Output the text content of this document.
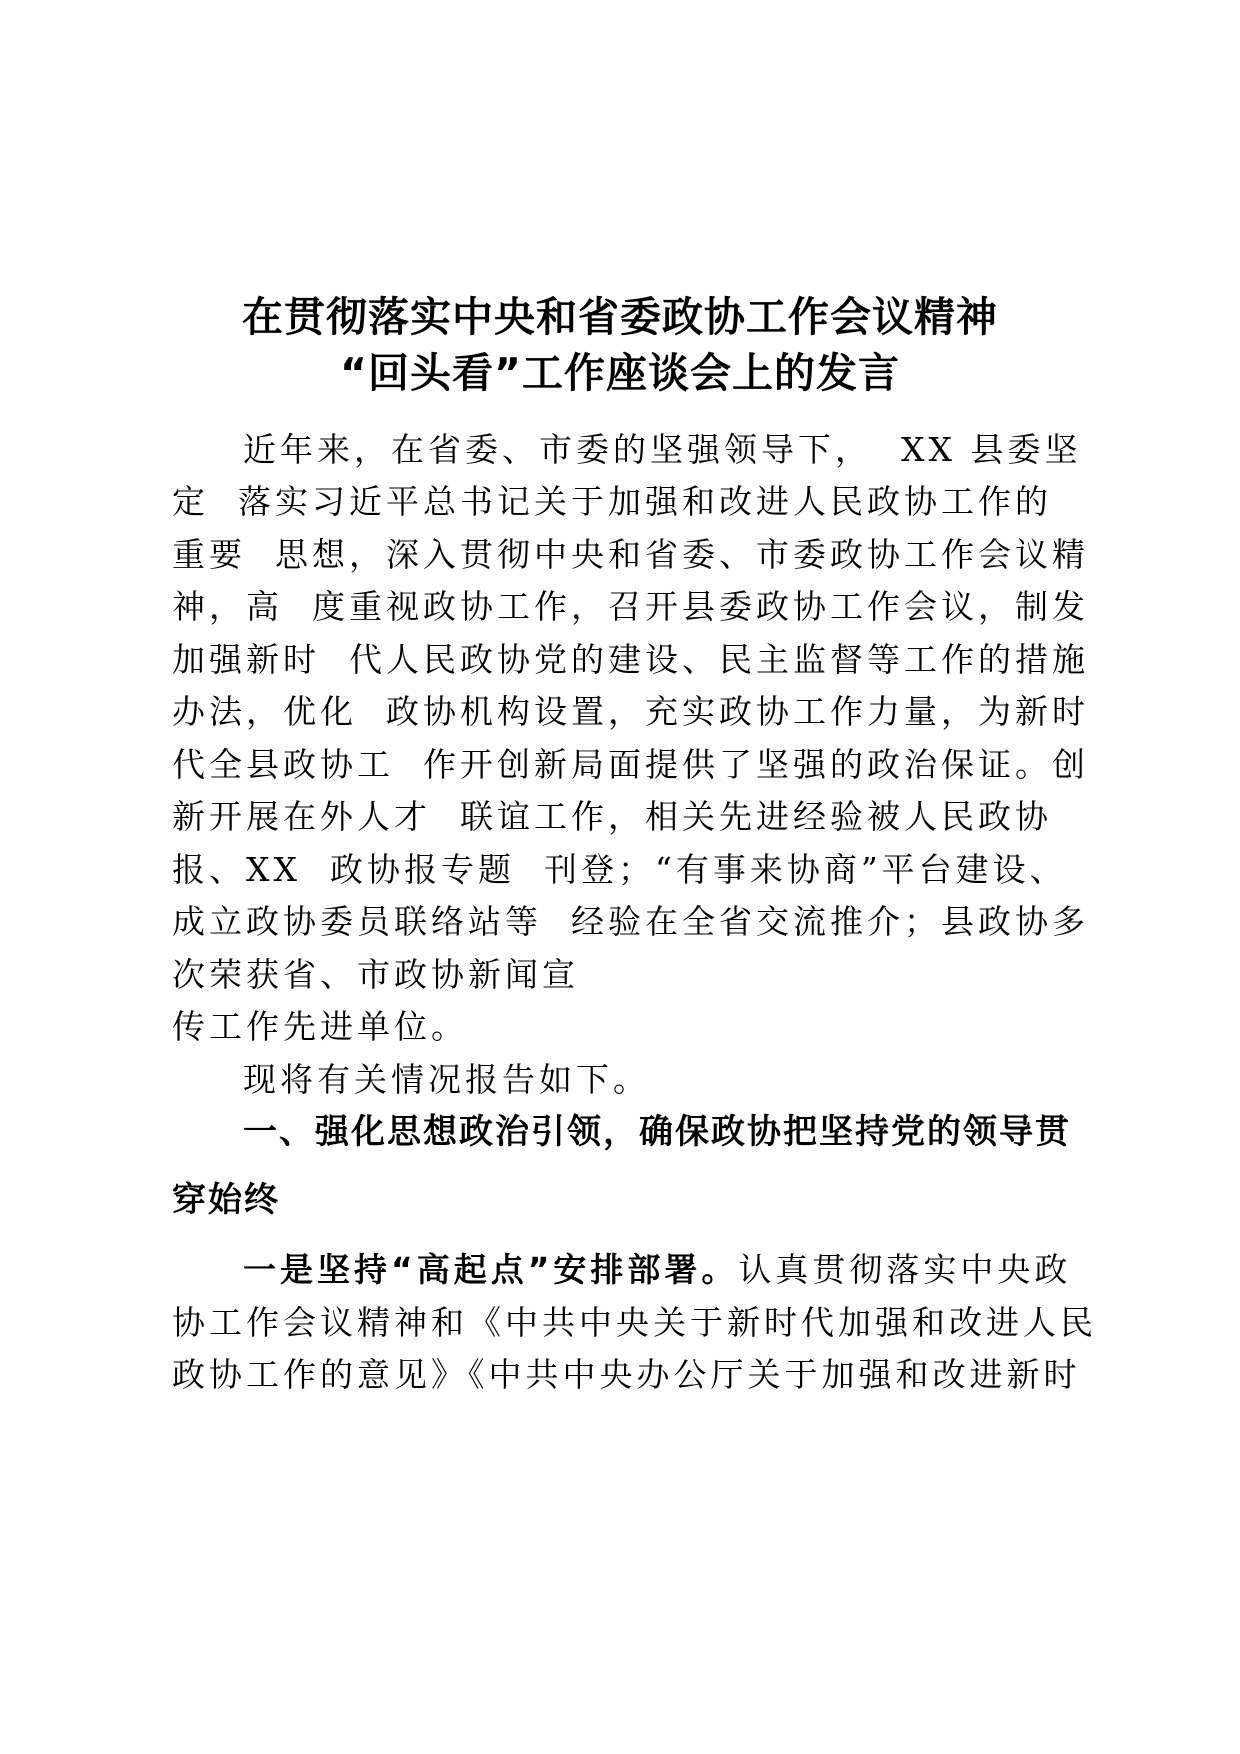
在贯彻落实中央和省委政协工作会议精神
“回头看”工作座谈会上的发言
近年来，在省委、市委的坚强领导下，  XX 县委坚
定  落实习近平总书记关于加强和改进人民政协工作的
重要  思想，深入贯彻中央和省委、市委政协工作会议精
神，高  度重视政协工作，召开县委政协工作会议，制发
加强新时  代人民政协党的建设、民主监督等工作的措施
办法，优化  政协机构设置，充实政协工作力量，为新时
代全县政协工  作开创新局面提供了坚强的政治保证。创
新开展在外人才  联谊工作，相关先进经验被人民政协
报、XX  政协报专题  刊登；“有事来协商”平台建设、
成立政协委员联络站等  经验在全省交流推介；县政协多
次荣获省、市政协新闻宣
传工作先进单位。
现将有关情况报告如下。
一、强化思想政治引领，确保政协把坚持党的领导贯
穿始终
一是坚持“高起点”安排部署。认真贯彻落实中央政
协工作会议精神和《中共中央关于新时代加强和改进人民
政协工作的意见》《中共中央办公厅关于加强和改进新时
